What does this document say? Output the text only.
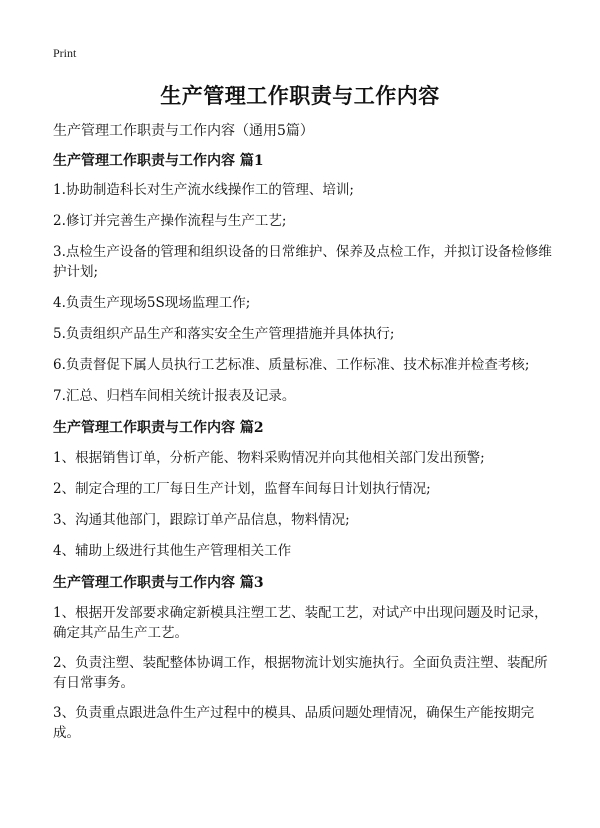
Print
生产管理工作职责与工作内容

生产管理工作职责与工作内容（通用5篇）

生产管理工作职责与工作内容 篇1

1.协助制造科长对生产流水线操作工的管理、培训;

2.修订并完善生产操作流程与生产工艺;

3.点检生产设备的管理和组织设备的日常维护、保养及点检工作，并拟订设备检修维护计划;

4.负责生产现场5S现场监理工作;

5.负责组织产品生产和落实安全生产管理措施并具体执行;

6.负责督促下属人员执行工艺标准、质量标准、工作标准、技术标准并检查考核;

7.汇总、归档车间相关统计报表及记录。

生产管理工作职责与工作内容 篇2

1、根据销售订单，分析产能、物料采购情况并向其他相关部门发出预警;

2、制定合理的工厂每日生产计划，监督车间每日计划执行情况;

3、沟通其他部门，跟踪订单产品信息，物料情况;

4、辅助上级进行其他生产管理相关工作

生产管理工作职责与工作内容 篇3

1、根据开发部要求确定新模具注塑工艺、装配工艺，对试产中出现问题及时记录，确定其产品生产工艺。

2、负责注塑、装配整体协调工作，根据物流计划实施执行。全面负责注塑、装配所有日常事务。

3、负责重点跟进急件生产过程中的模具、品质问题处理情况，确保生产能按期完成。
